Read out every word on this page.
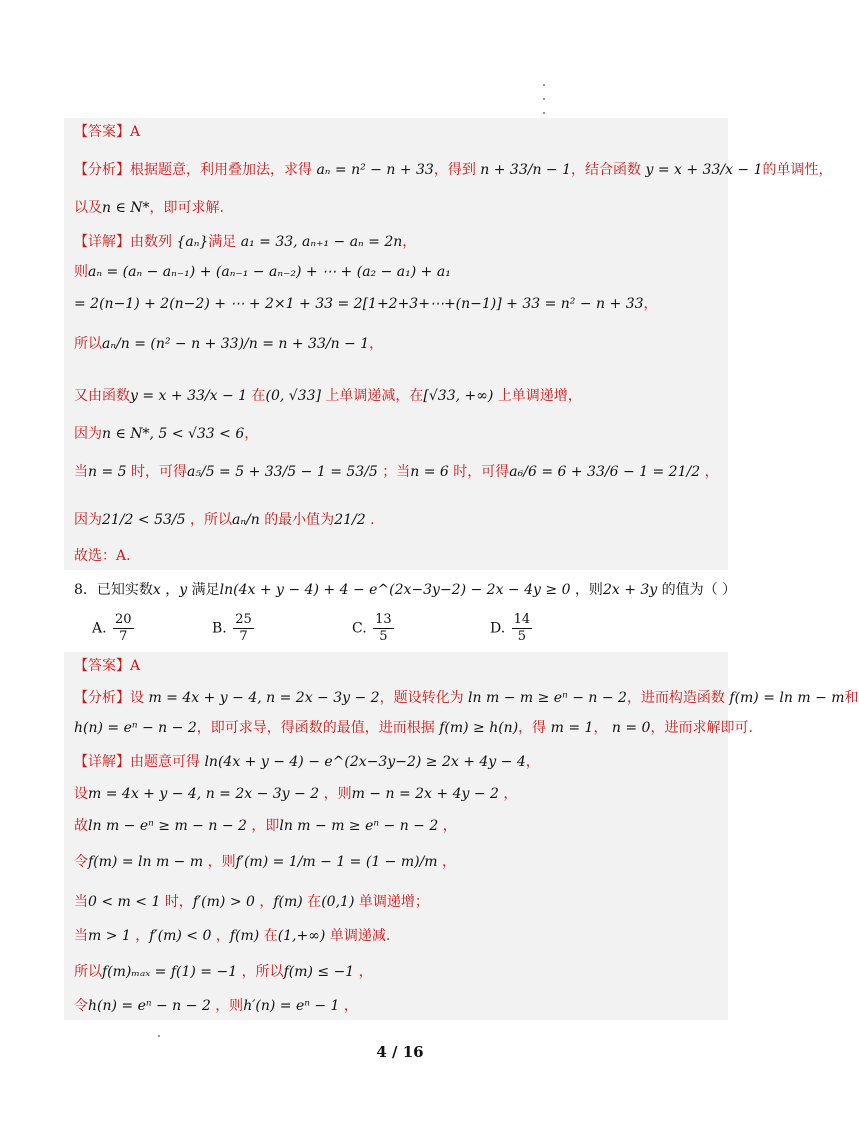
【答案】A
【分析】根据题意，利用叠加法，求得 aₙ = n² − n + 33，得到 n + 33/n − 1，结合函数 y = x + 33/x − 1的单调性，
以及n ∈ N*，即可求解.
【详解】由数列 {aₙ}满足 a₁ = 33, aₙ₊₁ − aₙ = 2n，
则aₙ = (aₙ − aₙ₋₁) + (aₙ₋₁ − aₙ₋₂) + ⋯ + (a₂ − a₁) + a₁
= 2(n−1) + 2(n−2) + ⋯ + 2×1 + 33 = 2[1+2+3+⋯+(n−1)] + 33 = n² − n + 33，
所以aₙ/n = (n² − n + 33)/n = n + 33/n − 1，
又由函数y = x + 33/x − 1 在(0, √33] 上单调递减，在[√33, +∞) 上单调递增，
因为n ∈ N*, 5 < √33 < 6，
当n = 5 时，可得a₅/5 = 5 + 33/5 − 1 = 53/5 ；当n = 6 时，可得a₆/6 = 6 + 33/6 − 1 = 21/2 ，
因为21/2 < 53/5 ，所以aₙ/n 的最小值为21/2 .
故选：A.
8．已知实数x ，y 满足ln(4x + y − 4) + 4 − e^(2x−3y−2) − 2x − 4y ≥ 0 ，则2x + 3y 的值为（ ）
A. $\frac{20}{7}$	B. $\frac{25}{7}$	C. $\frac{13}{5}$	D. $\frac{14}{5}$
【答案】A
【分析】设 m = 4x + y − 4, n = 2x − 3y − 2，题设转化为 ln m − m ≥ eⁿ − n − 2，进而构造函数 f(m) = ln m − m和
h(n) = eⁿ − n − 2，即可求导，得函数的最值，进而根据 f(m) ≥ h(n)，得 m = 1， n = 0，进而求解即可.
【详解】由题意可得 ln(4x + y − 4) − e^(2x−3y−2) ≥ 2x + 4y − 4，
设m = 4x + y − 4, n = 2x − 3y − 2 ，则m − n = 2x + 4y − 2 ，
故ln m − eⁿ ≥ m − n − 2 ，即ln m − m ≥ eⁿ − n − 2 ，
令f(m) = ln m − m ，则f′(m) = 1/m − 1 = (1 − m)/m ，
当0 < m < 1 时，f′(m) > 0 ，f(m) 在(0,1) 单调递增；
当m > 1 ，f′(m) < 0 ，f(m) 在(1,+∞) 单调递减.
所以f(m)ₘₐₓ = f(1) = −1 ，所以f(m) ≤ −1 ，
令h(n) = eⁿ − n − 2 ，则h′(n) = eⁿ − 1 ，
4 / 16
